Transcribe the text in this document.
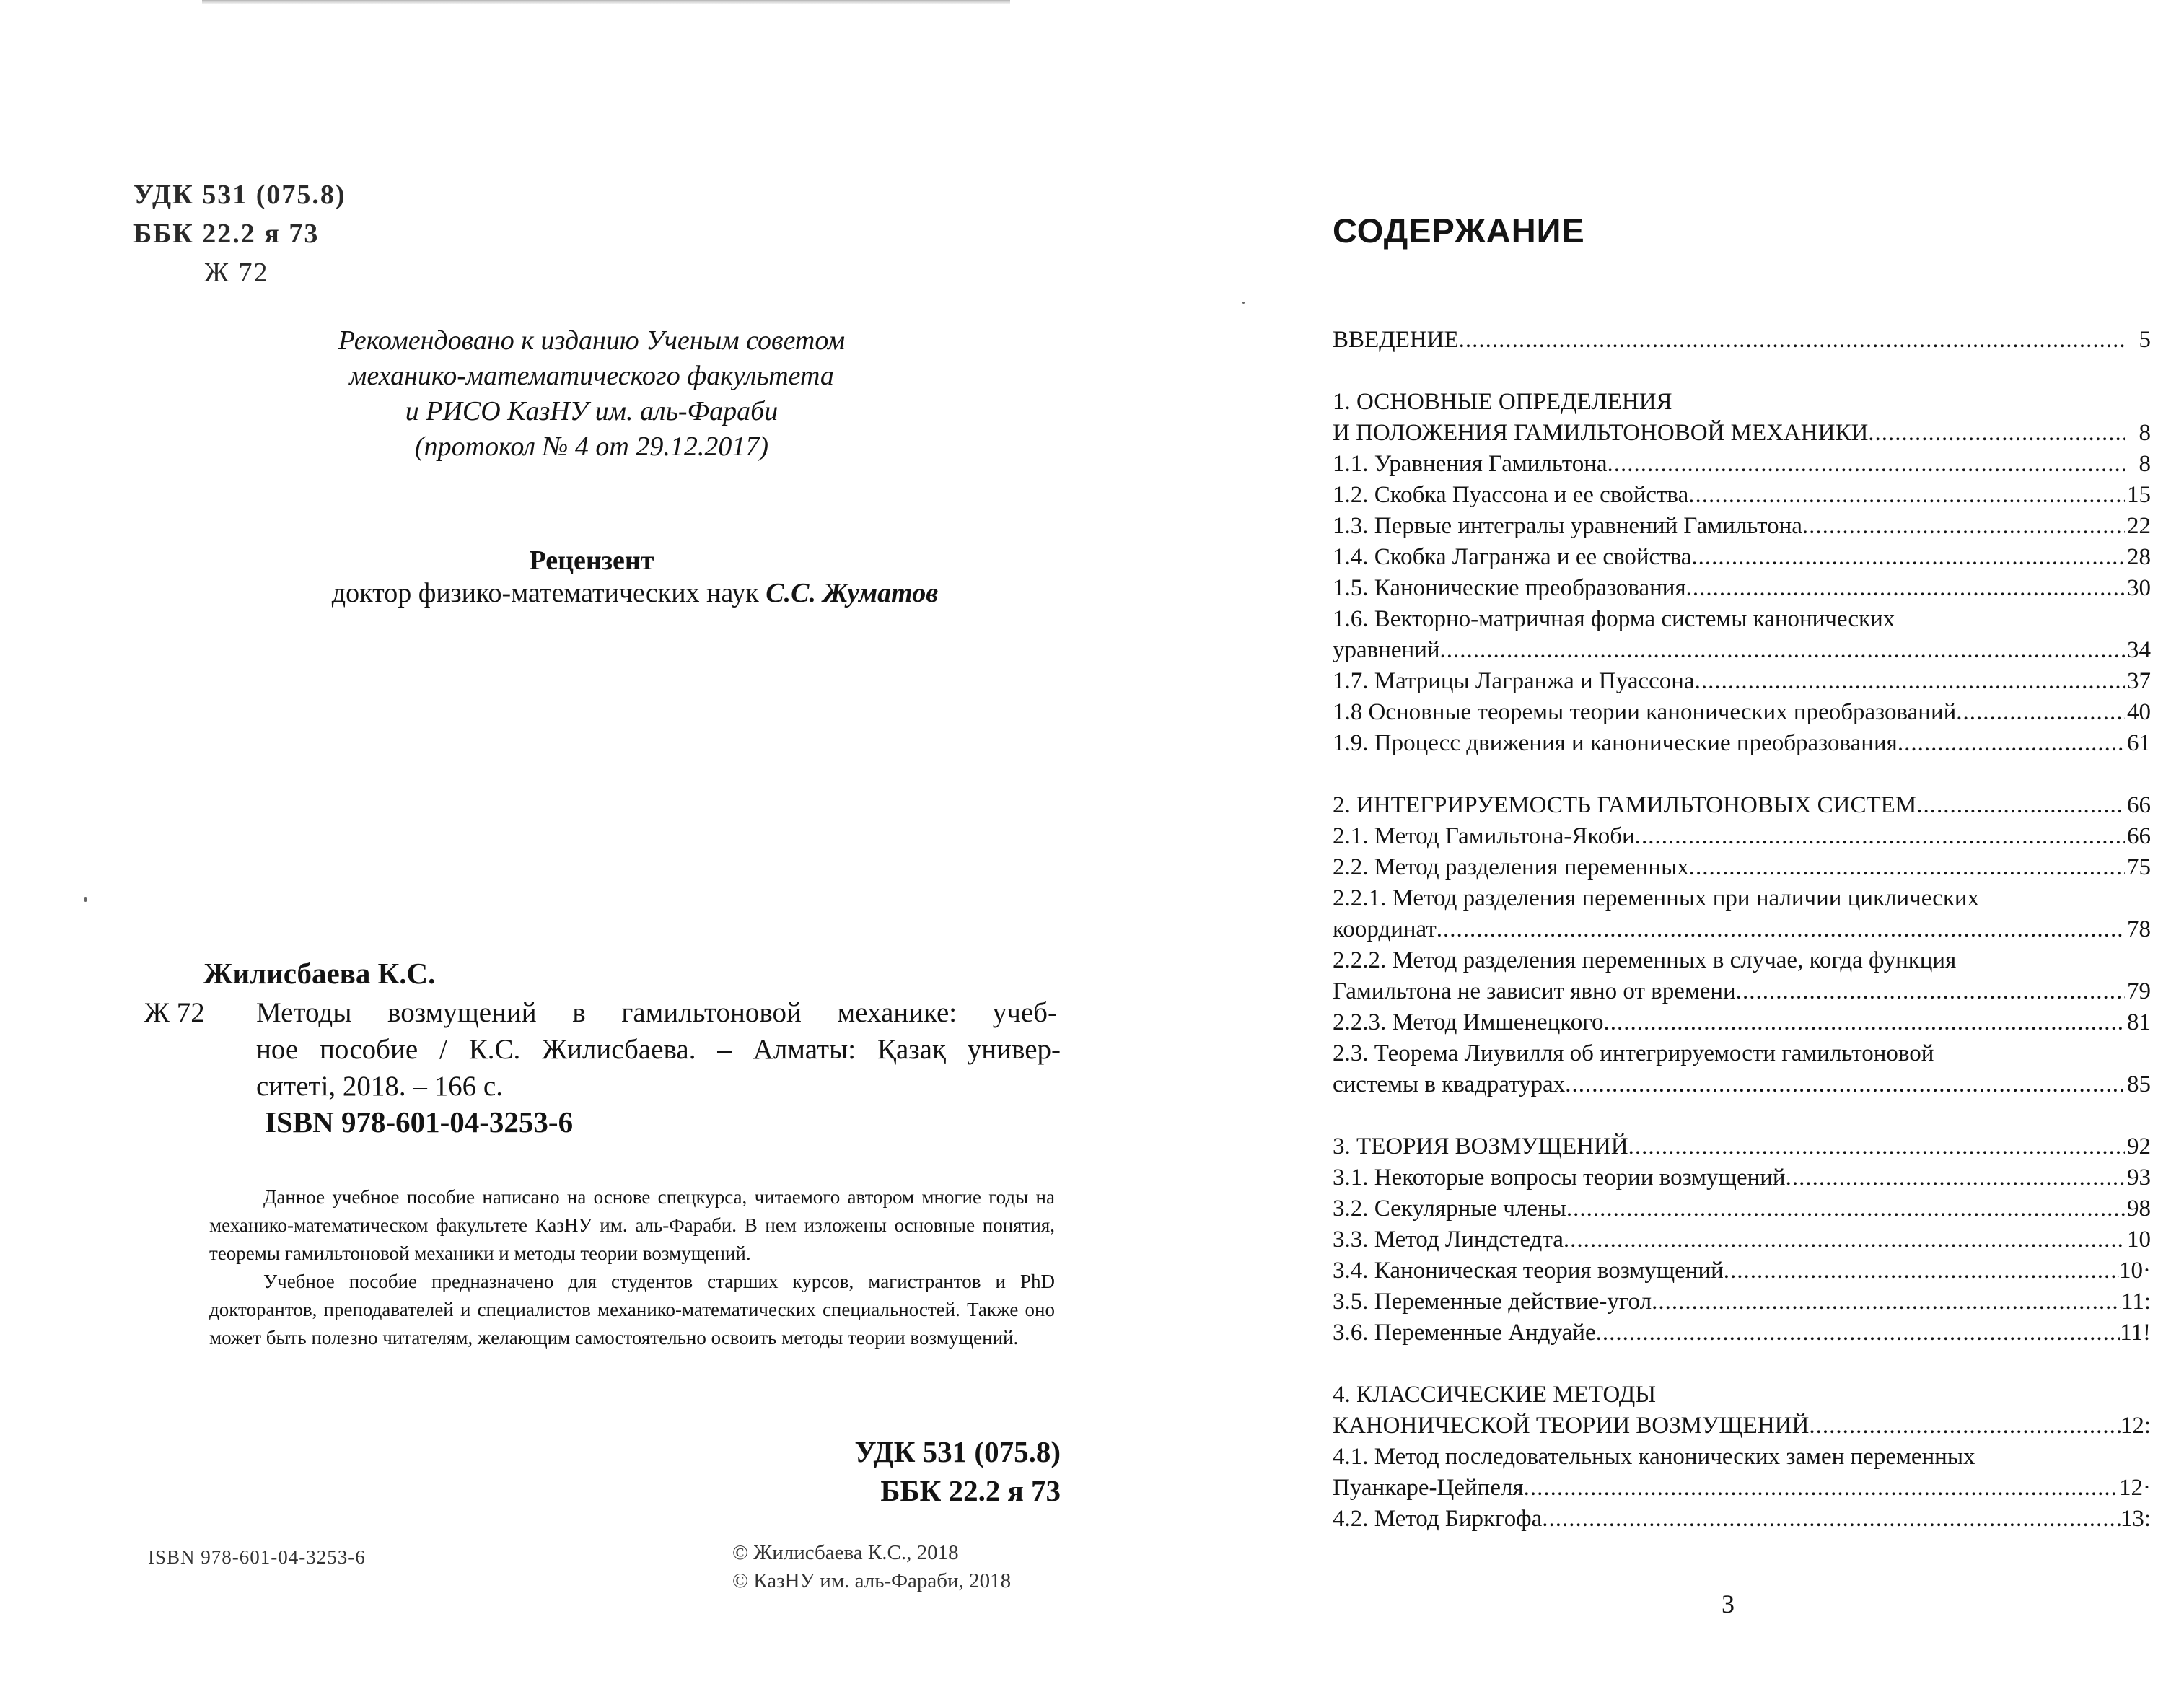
УДК 531 (075.8)
ББК 22.2 я 73
Ж 72
Рекомендовано к изданию Ученым советом
механико-математического факультета
и РИСО КазНУ им. аль-Фараби
(протокол № 4 от 29.12.2017)
Рецензент
доктор физико-математических наук С.С. Жуматов
Жилисбаева К.С.
Ж 72 Методы возмущений в гамильтоновой механике: учеб-
ное пособие / К.С. Жилисбаева. – Алматы: Қазақ универ-
ситеті, 2018. – 166 с.
ISBN 978-601-04-3253-6

Данное учебное пособие написано на основе спецкурса, читаемого автором многие годы на механико-математическом факультете КазНУ им. аль-Фараби. В нем изложены основные понятия, теоремы гамильтоновой механики и методы теории возмущений.

Учебное пособие предназначено для студентов старших курсов, магистрантов и PhD докторантов, преподавателей и специалистов механико-математических специальностей. Также оно может быть полезно читателям, желающим самостоятельно освоить методы теории возмущений.

УДК 531 (075.8)
ББК 22.2 я 73
ISBN 978-601-04-3253-6	© Жилисбаева К.С., 2018
© КазНУ им. аль-Фараби, 2018
СОДЕРЖАНИЕ
ВВЕДЕНИЕ .....	5
1. ОСНОВНЫЕ ОПРЕДЕЛЕНИЯ
И ПОЛОЖЕНИЯ ГАМИЛЬТОНОВОЙ МЕХАНИКИ .....	8
1.1. Уравнения Гамильтона .....	8
1.2. Скобка Пуассона и ее свойства .....	15
1.3. Первые интегралы уравнений Гамильтона .....	22
1.4. Скобка Лагранжа и ее свойства .....	28
1.5. Канонические преобразования .....	30
1.6. Векторно-матричная форма системы канонических
уравнений .....	34
1.7. Матрицы Лагранжа и Пуассона .....	37
1.8 Основные теоремы теории канонических преобразований .....	40
1.9. Процесс движения и канонические преобразования .....	61
2. ИНТЕГРИРУЕМОСТЬ ГАМИЛЬТОНОВЫХ СИСТЕМ .....	66
2.1. Метод Гамильтона-Якоби .....	66
2.2. Метод разделения переменных .....	75
2.2.1. Метод разделения переменных при наличии циклических
координат .....	78
2.2.2. Метод разделения переменных в случае, когда функция
Гамильтона не зависит явно от времени .....	79
2.2.3. Метод Имшенецкого .....	81
2.3. Теорема Лиувилля об интегрируемости гамильтоновой
системы в квадратурах .....	85
3. ТЕОРИЯ ВОЗМУЩЕНИЙ .....	92
3.1. Некоторые вопросы теории возмущений .....	93
3.2. Секулярные члены .....	98
3.3. Метод Линдстедта .....	10
3.4. Каноническая теория возмущений .....	10·
3.5. Переменные действие-угол .....	11:
3.6. Переменные Андуайе .....	11!
4. КЛАССИЧЕСКИЕ МЕТОДЫ
КАНОНИЧЕСКОЙ ТЕОРИИ ВОЗМУЩЕНИЙ .....	12:
4.1. Метод последовательных канонических замен переменных
Пуанкаре-Цейпеля .....	12·
4.2. Метод Биркгофа .....	13:
3
